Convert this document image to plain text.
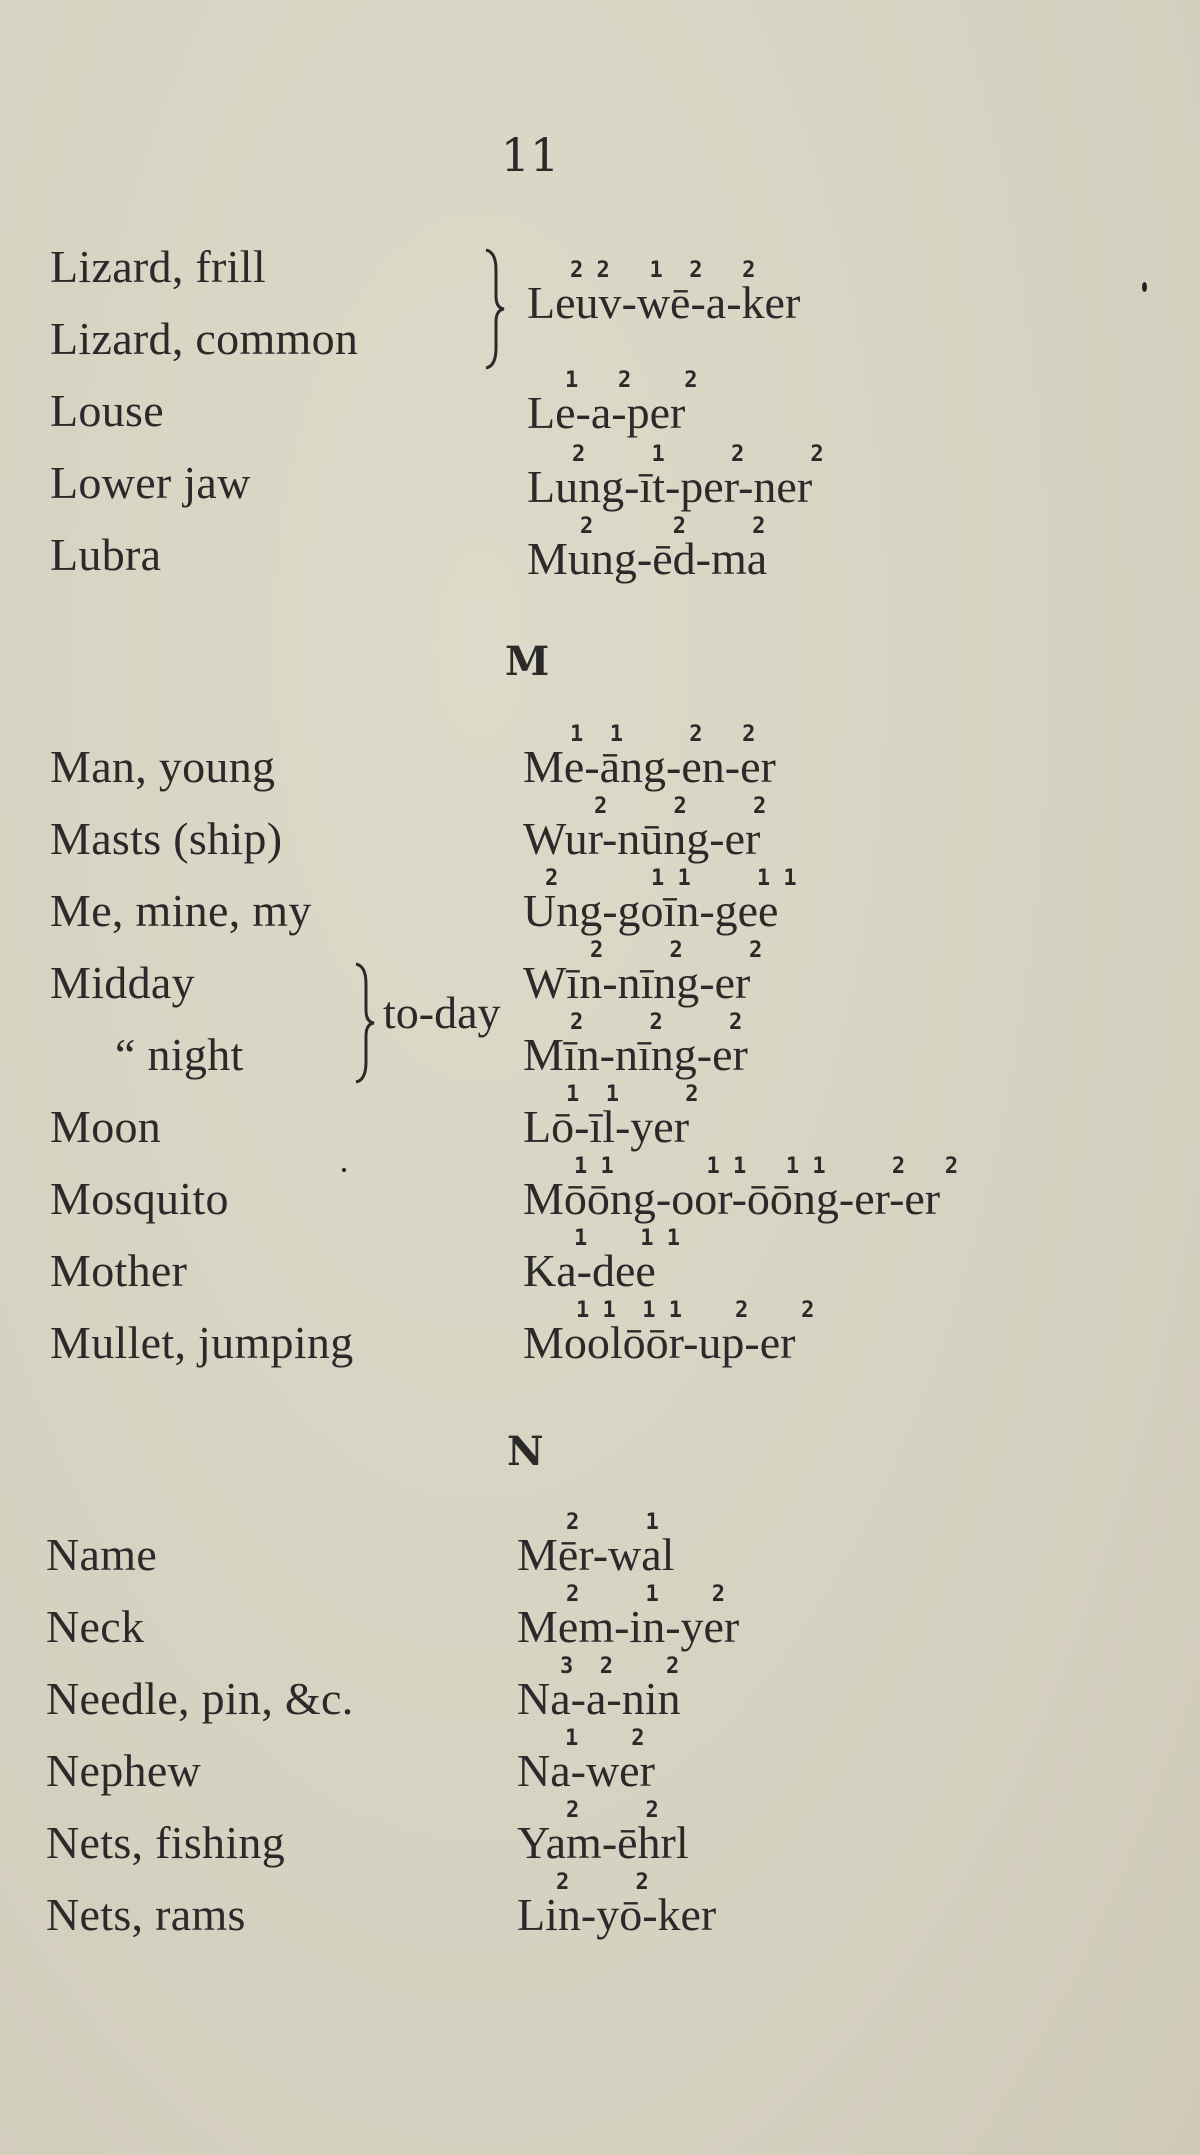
11
Lizard, frill
Lizard, common
2 2   1  2   2
Leuv-wē-a-ker
Louse
1   2    2
Le-a-per
Lower jaw
2     1     2     2
Lung-īt-per-ner
Lubra
2      2     2
Mung-ēd-ma
M
Man, young
1  1     2   2
Me-āng-en-er
Masts (ship)
2     2     2
Wur-nūng-er
Me, mine, my
2       1 1     1 1
Ung-goīn-gee
Midday
2     2     2
Wīn-nīng-er
“ night
2     2     2
Mīn-nīng-er
to-day
Moon
1  1     2
Lō-īl-yer
Mosquito
1 1       1 1   1 1     2   2
Mōōng-oor-ōōng-er-er
Mother
1    1 1
Ka-dee
Mullet, jumping
1 1  1 1    2    2
Moolōōr-up-er
N
Name
2     1
Mēr-wal
Neck
2     1    2
Mem-in-yer
Needle, pin, &c.
3  2    2
Na-a-nin
Nephew
1    2
Na-wer
Nets, fishing
2     2
Yam-ēhrl
Nets, rams
2     2
Lin-yō-ker
